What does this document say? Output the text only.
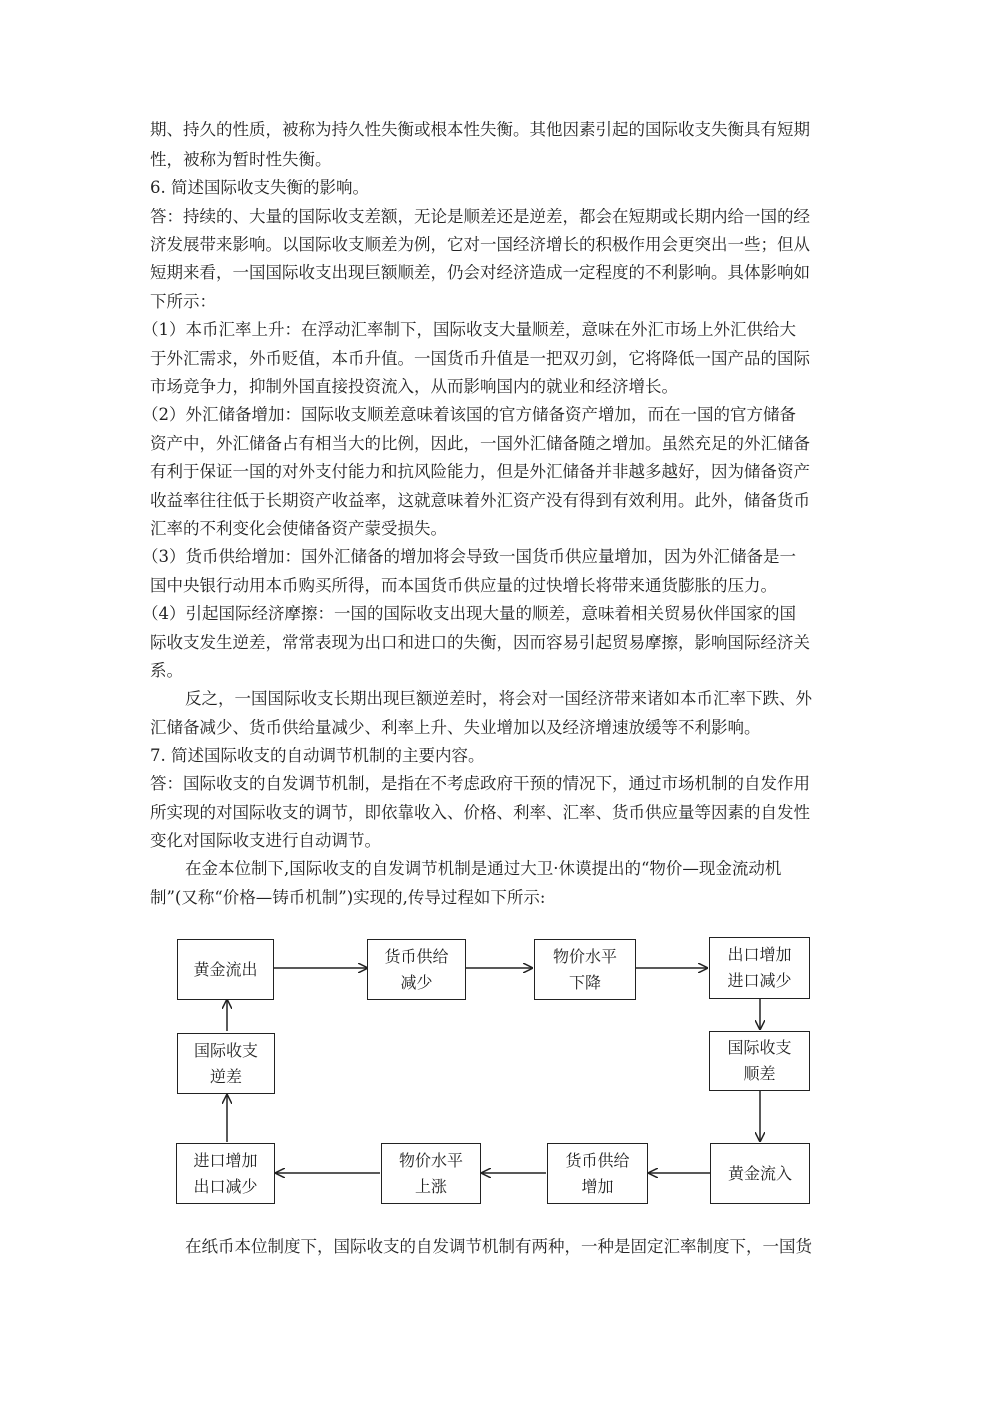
期、持久的性质，被称为持久性失衡或根本性失衡。其他因素引起的国际收支失衡具有短期
性，被称为暂时性失衡。
6. 简述国际收支失衡的影响。
答：持续的、大量的国际收支差额，无论是顺差还是逆差，都会在短期或长期内给一国的经
济发展带来影响。以国际收支顺差为例，它对一国经济增长的积极作用会更突出一些；但从
短期来看，一国国际收支出现巨额顺差，仍会对经济造成一定程度的不利影响。具体影响如
下所示：
（1）本币汇率上升：在浮动汇率制下，国际收支大量顺差，意味在外汇市场上外汇供给大
于外汇需求，外币贬值，本币升值。一国货币升值是一把双刃剑，它将降低一国产品的国际
市场竞争力，抑制外国直接投资流入，从而影响国内的就业和经济增长。
（2）外汇储备增加：国际收支顺差意味着该国的官方储备资产增加，而在一国的官方储备
资产中，外汇储备占有相当大的比例，因此，一国外汇储备随之增加。虽然充足的外汇储备
有利于保证一国的对外支付能力和抗风险能力，但是外汇储备并非越多越好，因为储备资产
收益率往往低于长期资产收益率，这就意味着外汇资产没有得到有效利用。此外，储备货币
汇率的不利变化会使储备资产蒙受损失。
（3）货币供给增加：国外汇储备的增加将会导致一国货币供应量增加，因为外汇储备是一
国中央银行动用本币购买所得，而本国货币供应量的过快增长将带来通货膨胀的压力。
（4）引起国际经济摩擦：一国的国际收支出现大量的顺差，意味着相关贸易伙伴国家的国
际收支发生逆差，常常表现为出口和进口的失衡，因而容易引起贸易摩擦，影响国际经济关
系。
反之，一国国际收支长期出现巨额逆差时，将会对一国经济带来诸如本币汇率下跌、外
汇储备减少、货币供给量减少、利率上升、失业增加以及经济增速放缓等不利影响。
7. 简述国际收支的自动调节机制的主要内容。
答：国际收支的自发调节机制，是指在不考虑政府干预的情况下，通过市场机制的自发作用
所实现的对国际收支的调节，即依靠收入、价格、利率、汇率、货币供应量等因素的自发性
变化对国际收支进行自动调节。
在金本位制下,国际收支的自发调节机制是通过大卫·休谟提出的“物价—现金流动机
制”(又称“价格—铸币机制”)实现的,传导过程如下所示:
黄金流出
货币供给
减少
物价水平
下降
出口增加
进口减少
国际收支
顺差
黄金流入
货币供给
增加
物价水平
上涨
进口增加
出口减少
国际收支
逆差
在纸币本位制度下，国际收支的自发调节机制有两种，一种是固定汇率制度下，一国货
